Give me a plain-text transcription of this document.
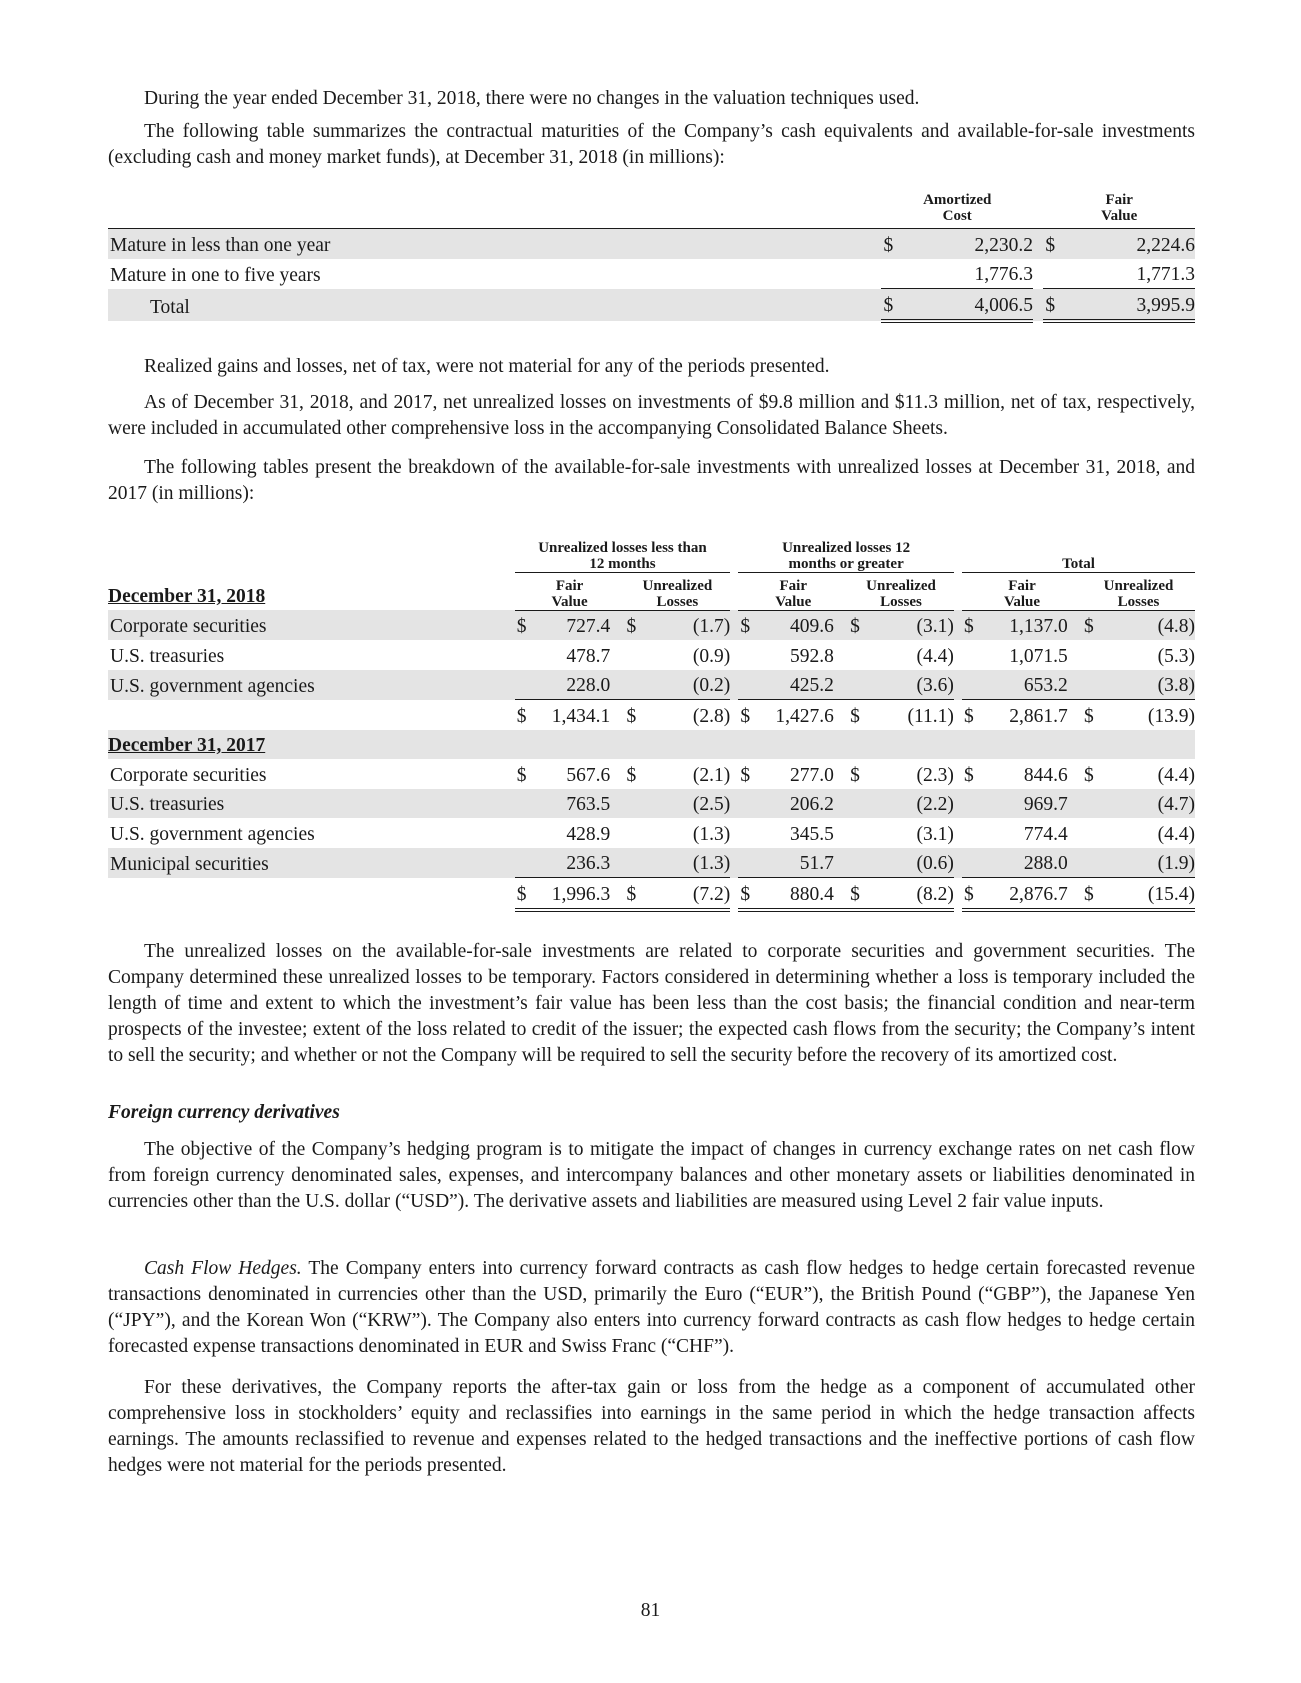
During the year ended December 31, 2018, there were no changes in the valuation techniques used.

The following table summarizes the contractual maturities of the Company’s cash equivalents and available-for-sale investments (excluding cash and money market funds), at December 31, 2018 (in millions):

	Amortized Cost			Fair Value	
Mature in less than one year	$	2,230.2		$	2,224.6
Mature in one to five years		1,776.3			1,771.3
Total	$	4,006.5		$	3,995.9

Realized gains and losses, net of tax, were not material for any of the periods presented.

As of December 31, 2018, and 2017, net unrealized losses on investments of $9.8 million and $11.3 million, net of tax, respectively, were included in accumulated other comprehensive loss in the accompanying Consolidated Balance Sheets.

The following tables present the breakdown of the available-for-sale investments with unrealized losses at December 31, 2018, and 2017 (in millions):

	Unrealized losses less than 12 months						Unrealized losses 12 months or greater						Total				
December 31, 2018	Fair Value			Unrealized Losses			Fair Value			Unrealized Losses			Fair Value			Unrealized Losses	
Corporate securities	$	727.4		$	(1.7)		$	409.6		$	(3.1)		$	1,137.0		$	(4.8)
U.S. treasuries		478.7			(0.9)			592.8			(4.4)			1,071.5			(5.3)
U.S. government agencies		228.0			(0.2)			425.2			(3.6)			653.2			(3.8)
	$	1,434.1		$	(2.8)		$	1,427.6		$	(11.1)		$	2,861.7		$	(13.9)
December 31, 2017																	
Corporate securities	$	567.6		$	(2.1)		$	277.0		$	(2.3)		$	844.6		$	(4.4)
U.S. treasuries		763.5			(2.5)			206.2			(2.2)			969.7			(4.7)
U.S. government agencies		428.9			(1.3)			345.5			(3.1)			774.4			(4.4)
Municipal securities		236.3			(1.3)			51.7			(0.6)			288.0			(1.9)
	$	1,996.3		$	(7.2)		$	880.4		$	(8.2)		$	2,876.7		$	(15.4)

The unrealized losses on the available-for-sale investments are related to corporate securities and government securities. The Company determined these unrealized losses to be temporary. Factors considered in determining whether a loss is temporary included the length of time and extent to which the investment’s fair value has been less than the cost basis; the financial condition and near-term prospects of the investee; extent of the loss related to credit of the issuer; the expected cash flows from the security; the Company’s intent to sell the security; and whether or not the Company will be required to sell the security before the recovery of its amortized cost.

Foreign currency derivatives

The objective of the Company’s hedging program is to mitigate the impact of changes in currency exchange rates on net cash flow from foreign currency denominated sales, expenses, and intercompany balances and other monetary assets or liabilities denominated in currencies other than the U.S. dollar (“USD”). The derivative assets and liabilities are measured using Level 2 fair value inputs.

Cash Flow Hedges. The Company enters into currency forward contracts as cash flow hedges to hedge certain forecasted revenue transactions denominated in currencies other than the USD, primarily the Euro (“EUR”), the British Pound (“GBP”), the Japanese Yen (“JPY”), and the Korean Won (“KRW”). The Company also enters into currency forward contracts as cash flow hedges to hedge certain forecasted expense transactions denominated in EUR and Swiss Franc (“CHF”).

For these derivatives, the Company reports the after-tax gain or loss from the hedge as a component of accumulated other comprehensive loss in stockholders’ equity and reclassifies into earnings in the same period in which the hedge transaction affects earnings. The amounts reclassified to revenue and expenses related to the hedged transactions and the ineffective portions of cash flow hedges were not material for the periods presented.

81
